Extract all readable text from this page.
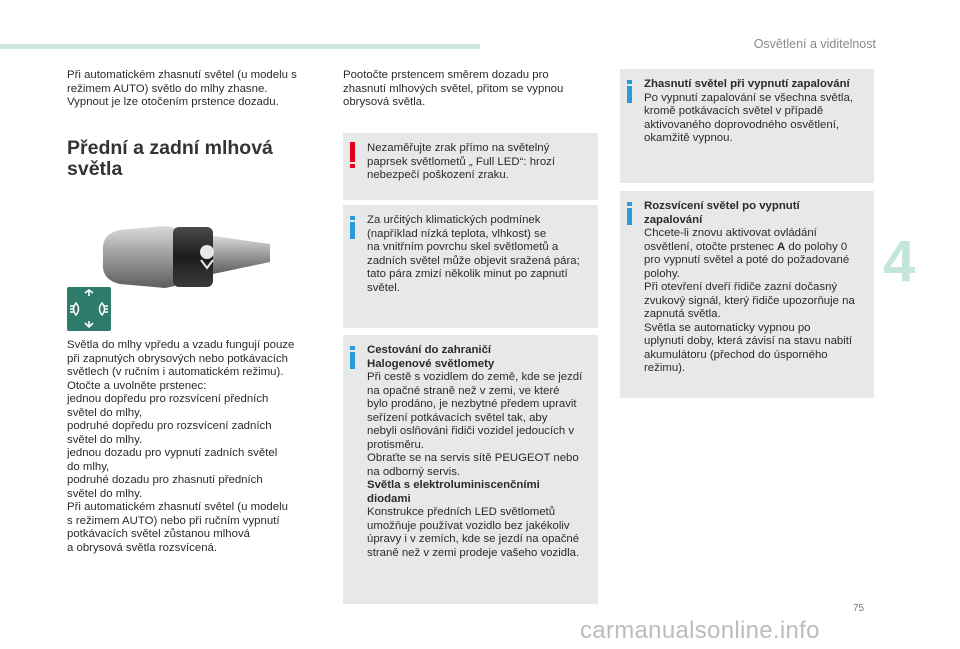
Osvětlení a viditelnost
4

Při automatickém zhasnutí světel (u modelu s
režimem AUTO) světlo do mlhy zhasne.
Vypnout je lze otočením prstence dozadu.

Přední a zadní mlhová
světla

Světla do mlhy vpředu a vzadu fungují pouze
při zapnutých obrysových nebo potkávacích
světlech (v ručním i automatickém režimu).
Otočte a uvolněte prstenec:
jednou dopředu pro rozsvícení předních
světel do mlhy,
podruhé dopředu pro rozsvícení zadních
světel do mlhy.
jednou dozadu pro vypnutí zadních světel
do mlhy,
podruhé dozadu pro zhasnutí předních
světel do mlhy.
Při automatickém zhasnutí světel (u modelu
s režimem AUTO) nebo při ručním vypnutí
potkávacích světel zůstanou mlhová
a obrysová světla rozsvícená.

Pootočte prstencem směrem dozadu pro
zhasnutí mlhových světel, přitom se vypnou
obrysová světla.

Nezaměřujte zrak přímo na světelný
paprsek světlometů „ Full LED“: hrozí
nebezpečí poškození zraku.
Za určitých klimatických podmínek
(například nízká teplota, vlhkost) se
na vnitřním povrchu skel světlometů a
zadních světel může objevit sražená pára;
tato pára zmizí několik minut po zapnutí
světel.

Cestování do zahraničí
Halogenové světlomety

Při cestě s vozidlem do země, kde se jezdí
na opačné straně než v zemi, ve které
bylo prodáno, je nezbytné předem upravit
seřízení potkávacích světel tak, aby
nebyli oslňováni řidiči vozidel jedoucích v
protisměru.
Obraťte se na servis sítě PEUGEOT nebo
na odborný servis.

Světla s elektroluminiscenčními
diodami

Konstrukce předních LED světlometů
umožňuje používat vozidlo bez jakékoliv
úpravy i v zemích, kde se jezdí na opačné
straně než v zemi prodeje vašeho vozidla.

Zhasnutí světel při vypnutí zapalování

Po vypnutí zapalování se všechna světla,
kromě potkávacích světel v případě
aktivovaného doprovodného osvětlení,
okamžitě vypnou.

Rozsvícení světel po vypnutí
zapalování

Chcete-li znovu aktivovat ovládání
osvětlení, otočte prstenec A do polohy 0
pro vypnutí světel a poté do požadované
polohy.
Při otevření dveří řidiče zazní dočasný
zvukový signál, který řidiče upozorňuje na
zapnutá světla.
Světla se automaticky vypnou po
uplynutí doby, která závisí na stavu nabití
akumulátoru (přechod do úsporného
režimu).

75
carmanualsonline.info
